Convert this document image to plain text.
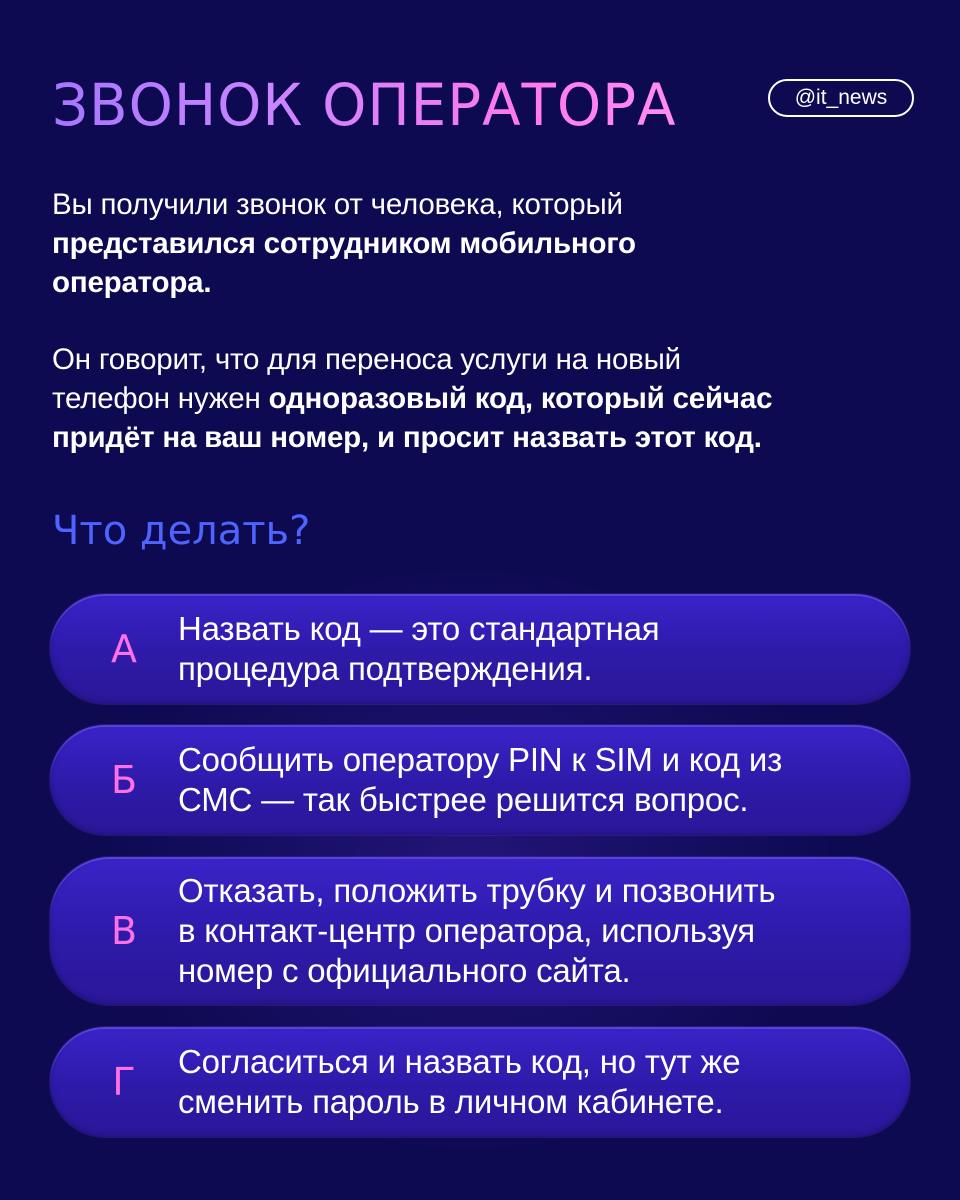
ЗВОНОК ОПЕРАТОРА	@it_news

Вы получили звонок от человека, который
представился сотрудником мобильного
оператора.

Он говорит, что для переноса услуги на новый
телефон нужен одноразовый код, который сейчас
придёт на ваш номер, и просит назвать этот код.

Что делать?
А Назвать код — это стандартная
процедура подтверждения.
Б Сообщить оператору PIN к SIM и код из
СМС — так быстрее решится вопрос.
В
Отказать, положить трубку и позвонить
в контакт-центр оператора, используя
номер с официального сайта.
Г	Согласиться и назвать код, но тут же
сменить пароль в личном кабинете.
